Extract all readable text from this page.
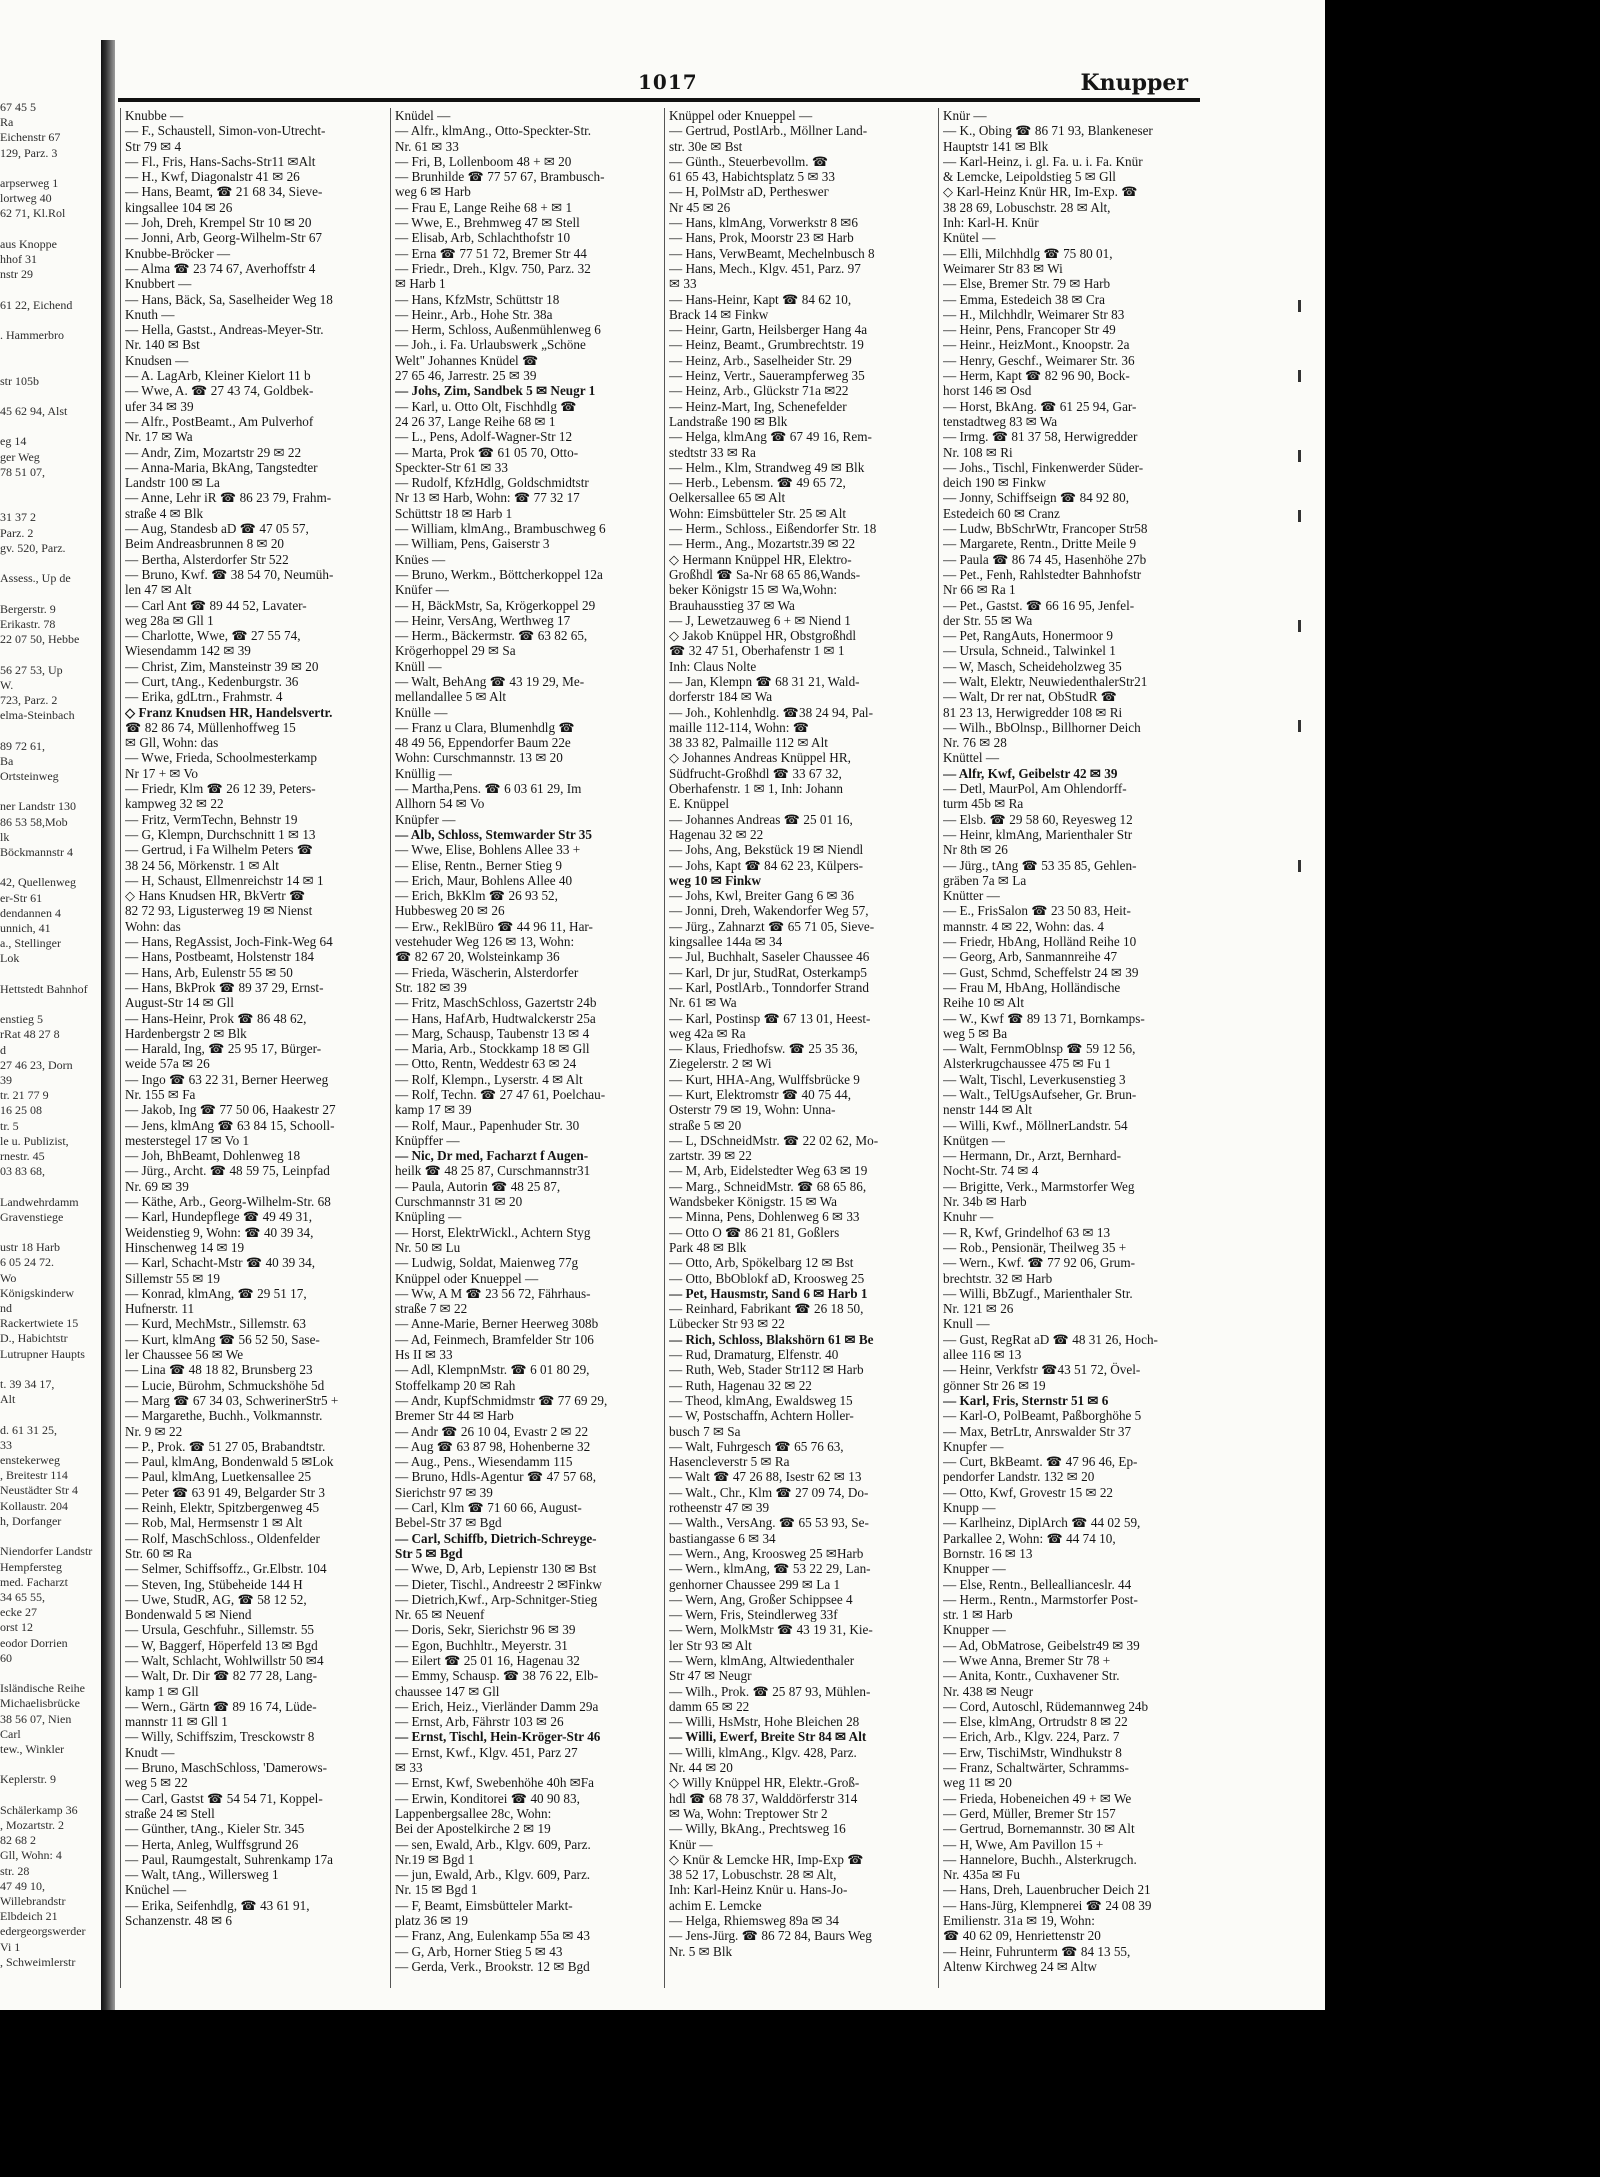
67 45 5
Ra
Eichenstr 67
129, Parz. 3

arpserweg 1
lortweg 40
62 71, Kl.Rol

aus Knoppe
hhof 31
nstr 29

61 22, Eichend

. Hammerbro

str 105b

45 62 94, Alst

eg 14
ger Weg
78 51 07,

31 37 2
Parz. 2
gv. 520, Parz.

Assess., Up de

Bergerstr. 9
Erikastr. 78
22 07 50, Hebbe

56 27 53, Up
W.
723, Parz. 2
elma-Steinbach

89 72 61,
Ba
Ortsteinweg

ner Landstr 130
86 53 58,Mob
lk
Böckmannstr 4

42, Quellenweg
er-Str 61
dendannen 4
unnich, 41
a., Stellinger
Lok

Hettstedt Bahnhof

enstieg 5
rRat 48 27 8
d
27 46 23, Dorn
39
tr. 21 77 9
16 25 08
tr. 5
le u. Publizist,
rnestr. 45
03 83 68,

Landwehrdamm
Gravenstiege

ustr 18 Harb
6 05 24 72.
Wo
Königskinderw
nd
Rackertwiete 15
D., Habichtstr
Lutrupner Haupts

t. 39 34 17,
Alt

d. 61 31 25,
33
enstekerweg
, Breitestr 114
Neustädter Str 4
Kollaustr. 204
h, Dorfanger

Niendorfer Landstr
Hempfersteg
med. Facharzt
34 65 55,
ecke 27
orst 12
eodor Dorrien
60

Isländische Reihe
Michaelisbrücke
38 56 07, Nien
Carl
tew., Winkler

Keplerstr. 9

Schälerkamp 36
, Mozartstr. 2
82 68 2
Gll, Wohn: 4
str. 28
47 49 10,
Willebrandstr
Elbdeich 21
edergeorgswerder
Vi 1
, Schweimlerstr
1017	Knupper
Knubbe —
— F., Schaustell, Simon-von-Utrecht-
Str 79 ✉ 4
— Fl., Fris, Hans-Sachs-Str11 ✉Alt
— H., Kwf, Diagonalstr 41 ✉ 26
— Hans, Beamt, ☎ 21 68 34, Sieve-
kingsallee 104 ✉ 26
— Joh, Dreh, Krempel Str 10 ✉ 20
— Jonni, Arb, Georg-Wilhelm-Str 67
Knubbe-Bröcker —
— Alma ☎ 23 74 67, Averhoffstr 4
Knubbert —
— Hans, Bäck, Sa, Saselheider Weg 18
Knuth —
— Hella, Gastst., Andreas-Meyer-Str.
Nr. 140 ✉ Bst
Knudsen —
— A. LagArb, Kleiner Kielort 11 b
— Wwe, A. ☎ 27 43 74, Goldbek-
ufer 34 ✉ 39
— Alfr., PostBeamt., Am Pulverhof
Nr. 17 ✉ Wa
— Andr, Zim, Mozartstr 29 ✉ 22
— Anna-Maria, BkAng, Tangstedter
Landstr 100 ✉ La
— Anne, Lehr iR ☎ 86 23 79, Frahm-
straße 4 ✉ Blk
— Aug, Standesb aD ☎ 47 05 57,
Beim Andreasbrunnen 8 ✉ 20
— Bertha, Alsterdorfer Str 522
— Bruno, Kwf. ☎ 38 54 70, Neumüh-
len 47 ✉ Alt
— Carl Ant ☎ 89 44 52, Lavater-
weg 28a ✉ Gll 1
— Charlotte, Wwe, ☎ 27 55 74,
Wiesendamm 142 ✉ 39
— Christ, Zim, Mansteinstr 39 ✉ 20
— Curt, tAng., Kedenburgstr. 36
— Erika, gdLtrn., Frahmstr. 4
◇ Franz Knudsen HR, Handelsvertr.
☎ 82 86 74, Müllenhoffweg 15
✉ Gll, Wohn: das
— Wwe, Frieda, Schoolmesterkamp
Nr 17 + ✉ Vo
— Friedr, Klm ☎ 26 12 39, Peters-
kampweg 32 ✉ 22
— Fritz, VermTechn, Behnstr 19
— G, Klempn, Durchschnitt 1 ✉ 13
— Gertrud, i Fa Wilhelm Peters ☎
38 24 56, Mörkenstr. 1 ✉ Alt
— H, Schaust, Ellmenreichstr 14 ✉ 1
◇ Hans Knudsen HR, BkVertr ☎
82 72 93, Ligusterweg 19 ✉ Nienst
Wohn: das
— Hans, RegAssist, Joch-Fink-Weg 64
— Hans, Postbeamt, Holstenstr 184
— Hans, Arb, Eulenstr 55 ✉ 50
— Hans, BkProk ☎ 89 37 29, Ernst-
August-Str 14 ✉ Gll
— Hans-Heinr, Prok ☎ 86 48 62,
Hardenbergstr 2 ✉ Blk
— Harald, Ing, ☎ 25 95 17, Bürger-
weide 57a ✉ 26
— Ingo ☎ 63 22 31, Berner Heerweg
Nr. 155 ✉ Fa
— Jakob, Ing ☎ 77 50 06, Haakestr 27
— Jens, klmAng ☎ 63 84 15, Schooll-
mesterstegel 17 ✉ Vo 1
— Joh, BhBeamt, Dohlenweg 18
— Jürg., Archt. ☎ 48 59 75, Leinpfad
Nr. 69 ✉ 39
— Käthe, Arb., Georg-Wilhelm-Str. 68
— Karl, Hundepflege ☎ 49 49 31,
Weidenstieg 9, Wohn: ☎ 40 39 34,
Hinschenweg 14 ✉ 19
— Karl, Schacht-Mstr ☎ 40 39 34,
Sillemstr 55 ✉ 19
— Konrad, klmAng, ☎ 29 51 17,
Hufnerstr. 11
— Kurd, MechMstr., Sillemstr. 63
— Kurt, klmAng ☎ 56 52 50, Sase-
ler Chaussee 56 ✉ We
— Lina ☎ 48 18 82, Brunsberg 23
— Lucie, Bürohm, Schmuckshöhe 5d
— Marg ☎ 67 34 03, SchwerinerStr5 +
— Margarethe, Buchh., Volkmannstr.
Nr. 9 ✉ 22
— P., Prok. ☎ 51 27 05, Brabandtstr.
— Paul, klmAng, Bondenwald 5 ✉Lok
— Paul, klmAng, Luetkensallee 25
— Peter ☎ 63 91 49, Belgarder Str 3
— Reinh, Elektr, Spitzbergenweg 45
— Rob, Mal, Hermsenstr 1 ✉ Alt
— Rolf, MaschSchloss., Oldenfelder
Str. 60 ✉ Ra
— Selmer, Schiffsoffz., Gr.Elbstr. 104
— Steven, Ing, Stübeheide 144 H
— Uwe, StudR, AG, ☎ 58 12 52,
Bondenwald 5 ✉ Niend
— Ursula, Geschfuhr., Sillemstr. 55
— W, Baggerf, Höperfeld 13 ✉ Bgd
— Walt, Schlacht, Wohlwillstr 50 ✉4
— Walt, Dr. Dir ☎ 82 77 28, Lang-
kamp 1 ✉ Gll
— Wern., Gärtn ☎ 89 16 74, Lüde-
mannstr 11 ✉ Gll 1
— Willy, Schiffszim, Tresckowstr 8
Knudt —
— Bruno, MaschSchloss, 'Damerows-
weg 5 ✉ 22
— Carl, Gastst ☎ 54 54 71, Koppel-
straße 24 ✉ Stell
— Günther, tAng., Kieler Str. 345
— Herta, Anleg, Wulffsgrund 26
— Paul, Raumgestalt, Suhrenkamp 17a
— Walt, tAng., Willersweg 1
Knüchel —
— Erika, Seifenhdlg, ☎ 43 61 91,
Schanzenstr. 48 ✉ 6
Knüdel —
— Alfr., klmAng., Otto-Speckter-Str.
Nr. 61 ✉ 33
— Fri, B, Lollenboom 48 + ✉ 20
— Brunhilde ☎ 77 57 67, Brambusch-
weg 6 ✉ Harb
— Frau E, Lange Reihe 68 + ✉ 1
— Wwe, E., Brehmweg 47 ✉ Stell
— Elisab, Arb, Schlachthofstr 10
— Erna ☎ 77 51 72, Bremer Str 44
— Friedr., Dreh., Klgv. 750, Parz. 32
✉ Harb 1
— Hans, KfzMstr, Schüttstr 18
— Heinr., Arb., Hohe Str. 38a
— Herm, Schloss, Außenmühlenweg 6
— Joh., i. Fa. Urlaubswerk „Schöne
Welt" Johannes Knüdel ☎
27 65 46, Jarrestr. 25 ✉ 39
— Johs, Zim, Sandbek 5 ✉ Neugr 1
— Karl, u. Otto Olt, Fischhdlg ☎
24 26 37, Lange Reihe 68 ✉ 1
— L., Pens, Adolf-Wagner-Str 12
— Marta, Prok ☎ 61 05 70, Otto-
Speckter-Str 61 ✉ 33
— Rudolf, KfzHdlg, Goldschmidtstr
Nr 13 ✉ Harb, Wohn: ☎ 77 32 17
Schüttstr 18 ✉ Harb 1
— William, klmAng., Brambuschweg 6
— William, Pens, Gaiserstr 3
Knües —
— Bruno, Werkm., Böttcherkoppel 12a
Knüfer —
— H, BäckMstr, Sa, Krögerkoppel 29
— Heinr, VersAng, Werthweg 17
— Herm., Bäckermstr. ☎ 63 82 65,
Krögerhoppel 29 ✉ Sa
Knüll —
— Walt, BehAng ☎ 43 19 29, Me-
mellandallee 5 ✉ Alt
Knülle —
— Franz u Clara, Blumenhdlg ☎
48 49 56, Eppendorfer Baum 22e
Wohn: Curschmannstr. 13 ✉ 20
Knüllig —
— Martha,Pens. ☎ 6 03 61 29, Im
Allhorn 54 ✉ Vo
Knüpfer —
— Alb, Schloss, Stemwarder Str 35
— Wwe, Elise, Bohlens Allee 33 +
— Elise, Rentn., Berner Stieg 9
— Erich, Maur, Bohlens Allee 40
— Erich, BkKlm ☎ 26 93 52,
Hubbesweg 20 ✉ 26
— Erw., ReklBüro ☎ 44 96 11, Har-
vestehuder Weg 126 ✉ 13, Wohn:
☎ 82 67 20, Wolsteinkamp 36
— Frieda, Wäscherin, Alsterdorfer
Str. 182 ✉ 39
— Fritz, MaschSchloss, Gazertstr 24b
— Hans, HafArb, Hudtwalckerstr 25a
— Marg, Schausp, Taubenstr 13 ✉ 4
— Maria, Arb., Stockkamp 18 ✉ Gll
— Otto, Rentn, Weddestr 63 ✉ 24
— Rolf, Klempn., Lyserstr. 4 ✉ Alt
— Rolf, Techn. ☎ 27 47 61, Poelchau-
kamp 17 ✉ 39
— Rolf, Maur., Papenhuder Str. 30
Knüpffer —
— Nic, Dr med, Facharzt f Augen-
heilk ☎ 48 25 87, Curschmannstr31
— Paula, Autorin ☎ 48 25 87,
Curschmannstr 31 ✉ 20
Knüpling —
— Horst, ElektrWickl., Achtern Styg
Nr. 50 ✉ Lu
— Ludwig, Soldat, Maienweg 77g
Knüppel oder Knueppel —
— Ww, A M ☎ 23 56 72, Fährhaus-
straße 7 ✉ 22
— Anne-Marie, Berner Heerweg 308b
— Ad, Feinmech, Bramfelder Str 106
Hs II ✉ 33
— Adl, KlempnMstr. ☎ 6 01 80 29,
Stoffelkamp 20 ✉ Rah
— Andr, KupfSchmidmstr ☎ 77 69 29,
Bremer Str 44 ✉ Harb
— Andr ☎ 26 10 04, Evastr 2 ✉ 22
— Aug ☎ 63 87 98, Hohenberne 32
— Aug., Pens., Wiesendamm 115
— Bruno, Hdls-Agentur ☎ 47 57 68,
Sierichstr 97 ✉ 39
— Carl, Klm ☎ 71 60 66, August-
Bebel-Str 37 ✉ Bgd
— Carl, Schiffb, Dietrich-Schreyge-
Str 5 ✉ Bgd
— Wwe, D, Arb, Lepienstr 130 ✉ Bst
— Dieter, Tischl., Andreestr 2 ✉Finkw
— Dietrich,Kwf., Arp-Schnitger-Stieg
Nr. 65 ✉ Neuenf
— Doris, Sekr, Sierichstr 96 ✉ 39
— Egon, Buchhltr., Meyerstr. 31
— Eilert ☎ 25 01 16, Hagenau 32
— Emmy, Schausp. ☎ 38 76 22, Elb-
chaussee 147 ✉ Gll
— Erich, Heiz., Vierländer Damm 29a
— Ernst, Arb, Fährstr 103 ✉ 26
— Ernst, Tischl, Hein-Kröger-Str 46
— Ernst, Kwf., Klgv. 451, Parz 27
✉ 33
— Ernst, Kwf, Swebenhöhe 40h ✉Fa
— Erwin, Konditorei ☎ 40 90 83,
Lappenbergsallee 28c, Wohn:
Bei der Apostelkirche 2 ✉ 19
— sen, Ewald, Arb., Klgv. 609, Parz.
Nr.19 ✉ Bgd 1
— jun, Ewald, Arb., Klgv. 609, Parz.
Nr. 15 ✉ Bgd 1
— F, Beamt, Eimsbütteler Markt-
platz 36 ✉ 19
— Franz, Ang, Eulenkamp 55a ✉ 43
— G, Arb, Horner Stieg 5 ✉ 43
— Gerda, Verk., Brookstr. 12 ✉ Bgd
Knüppel oder Knueppel —
— Gertrud, PostlArb., Möllner Land-
str. 30e ✉ Bst
— Günth., Steuerbevollm. ☎
61 65 43, Habichtsplatz 5 ✉ 33
— H, PolMstr aD, Pertheswег
Nr 45 ✉ 26
— Hans, klmAng, Vorwerkstr 8 ✉6
— Hans, Prok, Moorstr 23 ✉ Harb
— Hans, VerwBeamt, Mechelnbusch 8
— Hans, Mech., Klgv. 451, Parz. 97
✉ 33
— Hans-Heinr, Kapt ☎ 84 62 10,
Brack 14 ✉ Finkw
— Heinr, Gartn, Heilsberger Hang 4a
— Heinz, Beamt., Grumbrechtstr. 19
— Heinz, Arb., Saselheider Str. 29
— Heinz, Vertr., Sauerampferweg 35
— Heinz, Arb., Glückstr 71a ✉22
— Heinz-Mart, Ing, Schenefelder
Landstraße 190 ✉ Blk
— Helga, klmAng ☎ 67 49 16, Rem-
stedtstr 33 ✉ Ra
— Helm., Klm, Strandweg 49 ✉ Blk
— Herb., Lebensm. ☎ 49 65 72,
Oelkersallee 65 ✉ Alt
Wohn: Eimsbütteler Str. 25 ✉ Alt
— Herm., Schloss., Eißendorfer Str. 18
— Herm., Ang., Mozartstr.39 ✉ 22
◇ Hermann Knüppel HR, Elektro-
Großhdl ☎ Sa-Nr 68 65 86,Wands-
beker Königstr 15 ✉ Wa,Wohn:
Brauhausstieg 37 ✉ Wa
— J, Lewetzauweg 6 + ✉ Niend 1
◇ Jakob Knüppel HR, Obstgroßhdl
☎ 32 47 51, Oberhafenstr 1 ✉ 1
Inh: Claus Nolte
— Jan, Klempn ☎ 68 31 21, Wald-
dorferstr 184 ✉ Wa
— Joh., Kohlenhdlg. ☎38 24 94, Pal-
maille 112-114, Wohn: ☎
38 33 82, Palmaille 112 ✉ Alt
◇ Johannes Andreas Knüppel HR,
Südfrucht-Großhdl ☎ 33 67 32,
Oberhafenstr. 1 ✉ 1, Inh: Johann
E. Knüppel
— Johannes Andreas ☎ 25 01 16,
Hagenau 32 ✉ 22
— Johs, Ang, Bekstück 19 ✉ Niendl
— Johs, Kapt ☎ 84 62 23, Külpers-
weg 10 ✉ Finkw
— Johs, Kwl, Breiter Gang 6 ✉ 36
— Jonni, Dreh, Wakendorfer Weg 57,
— Jürg., Zahnarzt ☎ 65 71 05, Sieve-
kingsallee 144a ✉ 34
— Jul, Buchhalt, Saseler Chaussee 46
— Karl, Dr jur, StudRat, Osterkamp5
— Karl, PostlArb., Tonndorfer Strand
Nr. 61 ✉ Wa
— Karl, Postinsp ☎ 67 13 01, Heest-
weg 42a ✉ Ra
— Klaus, Friedhofsw. ☎ 25 35 36,
Ziegelerstr. 2 ✉ Wi
— Kurt, HHA-Ang, Wulffsbrücke 9
— Kurt, Elektromstr ☎ 40 75 44,
Osterstr 79 ✉ 19, Wohn: Unna-
straße 5 ✉ 20
— L, DSchneidMstr. ☎ 22 02 62, Mo-
zartstr. 39 ✉ 22
— M, Arb, Eidelstedter Weg 63 ✉ 19
— Marg., SchneidMstr. ☎ 68 65 86,
Wandsbeker Königstr. 15 ✉ Wa
— Minna, Pens, Dohlenweg 6 ✉ 33
— Otto O ☎ 86 21 81, Goßlers
Park 48 ✉ Blk
— Otto, Arb, Spökelbarg 12 ✉ Bst
— Otto, BbOblokf aD, Kroosweg 25
— Pet, Hausmstr, Sand 6 ✉ Harb 1
— Reinhard, Fabrikant ☎ 26 18 50,
Lübecker Str 93 ✉ 22
— Rich, Schloss, Blakshörn 61 ✉ Be
— Rud, Dramaturg, Elfenstr. 40
— Ruth, Web, Stader Str112 ✉ Harb
— Ruth, Hagenau 32 ✉ 22
— Theod, klmAng, Ewaldsweg 15
— W, Postschaffn, Achtern Holler-
busch 7 ✉ Sa
— Walt, Fuhrgesch ☎ 65 76 63,
Hasencleverstr 5 ✉ Ra
— Walt ☎ 47 26 88, Isestr 62 ✉ 13
— Walt., Chr., Klm ☎ 27 09 74, Do-
rotheenstr 47 ✉ 39
— Walth., VersAng. ☎ 65 53 93, Se-
bastiangasse 6 ✉ 34
— Wern., Ang, Kroosweg 25 ✉Harb
— Wern., klmAng, ☎ 53 22 29, Lan-
genhorner Chaussee 299 ✉ La 1
— Wern, Ang, Großer Schippsee 4
— Wern, Fris, Steindlerweg 33f
— Wern, MolkMstr ☎ 43 19 31, Kie-
ler Str 93 ✉ Alt
— Wern, klmAng, Altwiedenthaler
Str 47 ✉ Neugr
— Wilh., Prok. ☎ 25 87 93, Mühlen-
damm 65 ✉ 22
— Willi, HsMstr, Hohe Bleichen 28
— Willi, Ewerf, Breite Str 84 ✉ Alt
— Willi, klmAng., Klgv. 428, Parz.
Nr. 44 ✉ 20
◇ Willy Knüppel HR, Elektr.-Groß-
hdl ☎ 68 78 37, Walddörferstr 314
✉ Wa, Wohn: Treptower Str 2
— Willy, BkAng., Prechtsweg 16
Knür —
◇ Knür & Lemcke HR, Imp-Exp ☎
38 52 17, Lobuschstr. 28 ✉ Alt,
Inh: Karl-Heinz Knür u. Hans-Jo-
achim E. Lemcke
— Helga, Rhiemsweg 89a ✉ 34
— Jens-Jürg. ☎ 86 72 84, Baurs Weg
Nr. 5 ✉ Blk
Knür —
— K., Obing ☎ 86 71 93, Blankeneser
Hauptstr 141 ✉ Blk
— Karl-Heinz, i. gl. Fa. u. i. Fa. Knür
& Lemcke, Leipoldstieg 5 ✉ Gll
◇ Karl-Heinz Knür HR, Im-Exp. ☎
38 28 69, Lobuschstr. 28 ✉ Alt,
Inh: Karl-H. Knür
Knütel —
— Elli, Milchhdlg ☎ 75 80 01,
Weimarer Str 83 ✉ Wi
— Else, Bremer Str. 79 ✉ Harb
— Emma, Estedeich 38 ✉ Cra
— H., Milchhdlr, Weimarer Str 83
— Heinr, Pens, Francoper Str 49
— Heinr., HeizMont., Knoopstr. 2a
— Henry, Geschf., Weimarer Str. 36
— Herm, Kapt ☎ 82 96 90, Bock-
horst 146 ✉ Osd
— Horst, BkAng. ☎ 61 25 94, Gar-
tenstadtweg 83 ✉ Wa
— Irmg. ☎ 81 37 58, Herwigredder
Nr. 108 ✉ Ri
— Johs., Tischl, Finkenwerder Süder-
deich 190 ✉ Finkw
— Jonny, Schiffseign ☎ 84 92 80,
Estedeich 60 ✉ Cranz
— Ludw, BbSchrWtr, Francoper Str58
— Margarete, Rentn., Dritte Meile 9
— Paula ☎ 86 74 45, Hasenhöhe 27b
— Pet., Fenh, Rahlstedter Bahnhofstr
Nr 66 ✉ Ra 1
— Pet., Gastst. ☎ 66 16 95, Jenfel-
der Str. 55 ✉ Wa
— Pet, RangAuts, Honermoor 9
— Ursula, Schneid., Talwinkel 1
— W, Masch, Scheideholzweg 35
— Walt, Elektr, NeuwiedenthalerStr21
— Walt, Dr rer nat, ObStudR ☎
81 23 13, Herwigredder 108 ✉ Ri
— Wilh., BbOlnsp., Billhorner Deich
Nr. 76 ✉ 28
Knüttel —
— Alfr, Kwf, Geibelstr 42 ✉ 39
— Detl, MaurPol, Am Ohlendorff-
turm 45b ✉ Ra
— Elsb. ☎ 29 58 60, Reyesweg 12
— Heinr, klmAng, Marienthaler Str
Nr 8th ✉ 26
— Jürg., tAng ☎ 53 35 85, Gehlen-
gräben 7a ✉ La
Knütter —
— E., FrisSalon ☎ 23 50 83, Heit-
mannstr. 4 ✉ 22, Wohn: das. 4
— Friedr, HbAng, Holländ Reihe 10
— Georg, Arb, Sanmannreihe 47
— Gust, Schmd, Scheffelstr 24 ✉ 39
— Frau M, HbAng, Holländische
Reihe 10 ✉ Alt
— W., Kwf ☎ 89 13 71, Bornkamps-
weg 5 ✉ Ba
— Walt, FernmOblnsp ☎ 59 12 56,
Alsterkrugchaussee 475 ✉ Fu 1
— Walt, Tischl, Leverkusenstieg 3
— Walt., TelUgsAufseher, Gr. Brun-
nenstr 144 ✉ Alt
— Willi, Kwf., MöllnerLandstr. 54
Knütgen —
— Hermann, Dr., Arzt, Bernhard-
Nocht-Str. 74 ✉ 4
— Brigitte, Verk., Marmstorfer Weg
Nr. 34b ✉ Harb
Knuhr —
— R, Kwf, Grindelhof 63 ✉ 13
— Rob., Pensionär, Theilweg 35 +
— Wern., Kwf. ☎ 77 92 06, Grum-
brechtstr. 32 ✉ Harb
— Willi, BbZugf., Marienthaler Str.
Nr. 121 ✉ 26
Knull —
— Gust, RegRat aD ☎ 48 31 26, Hoch-
allee 116 ✉ 13
— Heinr, Verkfstr ☎43 51 72, Övel-
gönner Str 26 ✉ 19
— Karl, Fris, Sternstr 51 ✉ 6
— Karl-O, PolBeamt, Paßborghöhe 5
— Max, BetrLtr, Anrswalder Str 37
Knupfer —
— Curt, BkBeamt. ☎ 47 96 46, Ep-
pendorfer Landstr. 132 ✉ 20
— Otto, Kwf, Grovestr 15 ✉ 22
Knupp —
— Karlheinz, DiplArch ☎ 44 02 59,
Parkallee 2, Wohn: ☎ 44 74 10,
Bornstr. 16 ✉ 13
Knupper —
— Else, Rentn., Belleallianceslr. 44
— Herm., Rentn., Marmstorfer Post-
str. 1 ✉ Harb
Knupper —
— Ad, ObMatrose, Geibelstr49 ✉ 39
— Wwe Anna, Bremer Str 78 +
— Anita, Kontr., Cuxhavener Str.
Nr. 438 ✉ Neugr
— Cord, Autoschl, Rüdemannweg 24b
— Else, klmAng, Ortrudstr 8 ✉ 22
— Erich, Arb., Klgv. 224, Parz. 7
— Erw, TischiMstr, Windhukstr 8
— Franz, Schaltwärter, Schramms-
weg 11 ✉ 20
— Frieda, Hobeneichen 49 + ✉ We
— Gerd, Müller, Bremer Str 157
— Gertrud, Bornemannstr. 30 ✉ Alt
— H, Wwe, Am Pavillon 15 +
— Hannelore, Buchh., Alsterkrugch.
Nr. 435a ✉ Fu
— Hans, Dreh, Lauenbrucher Deich 21
— Hans-Jürg, Klempnerei ☎ 24 08 39
Emilienstr. 31a ✉ 19, Wohn:
☎ 40 62 09, Henriettenstr 20
— Heinr, Fuhrunterm ☎ 84 13 55,
Altenw Kirchweg 24 ✉ Altw
